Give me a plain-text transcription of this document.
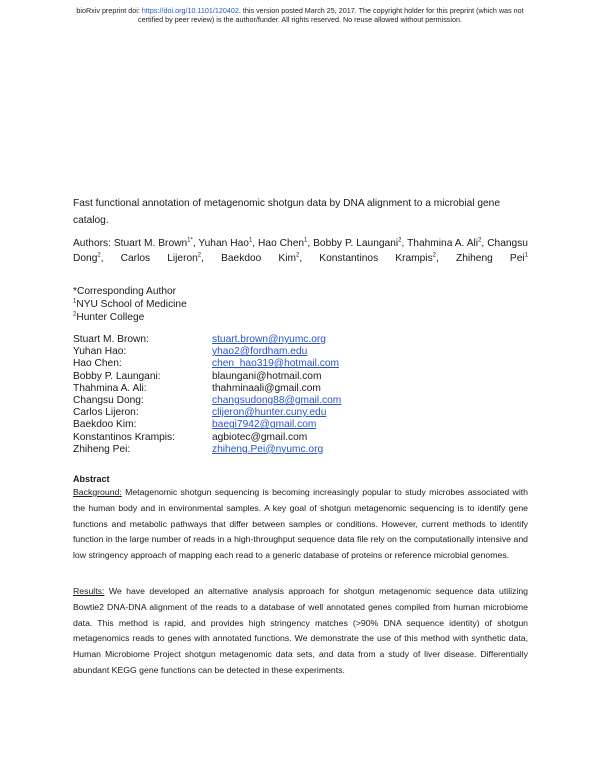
bioRxiv preprint doi: https://doi.org/10.1101/120402. this version posted March 25, 2017. The copyright holder for this preprint (which was not
certified by peer review) is the author/funder. All rights reserved. No reuse allowed without permission.
Fast functional annotation of metagenomic shotgun data by DNA alignment to a microbial gene catalog.
Authors: Stuart M. Brown$^{1*}$, Yuhan Hao$^1$, Hao Chen$^1$, Bobby P. Laungani$^2$, Thahmina A. Ali$^2$, Changsu Dong$^2$, Carlos Lijeron$^2$, Baekdoo Kim$^2$, Konstantinos Krampis$^2$, Zhiheng Pei$^1$
*Corresponding Author
$^1$NYU School of Medicine
$^2$Hunter College
Stuart M. Brown:	stuart.brown@nyumc.org
Yuhan Hao:	yhao2@fordham.edu
Hao Chen:	chen_hao319@hotmail.com
Bobby P. Laungani:	blaungani@hotmail.com
Thahmina A. Ali:	thahminaali@gmail.com
Changsu Dong:	changsudong88@gmail.com
Carlos Lijeron:	clijeron@hunter.cuny.edu
Baekdoo Kim:	baegi7942@gmail.com
Konstantinos Krampis:	agbiotec@gmail.com
Zhiheng Pei:	zhiheng.Pei@nyumc.org
Abstract
Background: Metagenomic shotgun sequencing is becoming increasingly popular to study microbes associated with the human body and in environmental samples. A key goal of shotgun metagenomic sequencing is to identify gene functions and metabolic pathways that differ between samples or conditions. However, current methods to identify function in the large number of reads in a high-throughput sequence data file rely on the computationally intensive and low stringency approach of mapping each read to a generic database of proteins or reference microbial genomes.
Results: We have developed an alternative analysis approach for shotgun metagenomic sequence data utilizing Bowtie2 DNA-DNA alignment of the reads to a database of well annotated genes compiled from human microbiome data. This method is rapid, and provides high stringency matches (>90% DNA sequence identity) of shotgun metagenomics reads to genes with annotated functions. We demonstrate the use of this method with synthetic data, Human Microbiome Project shotgun metagenomic data sets, and data from a study of liver disease. Differentially abundant KEGG gene functions can be detected in these experiments.
